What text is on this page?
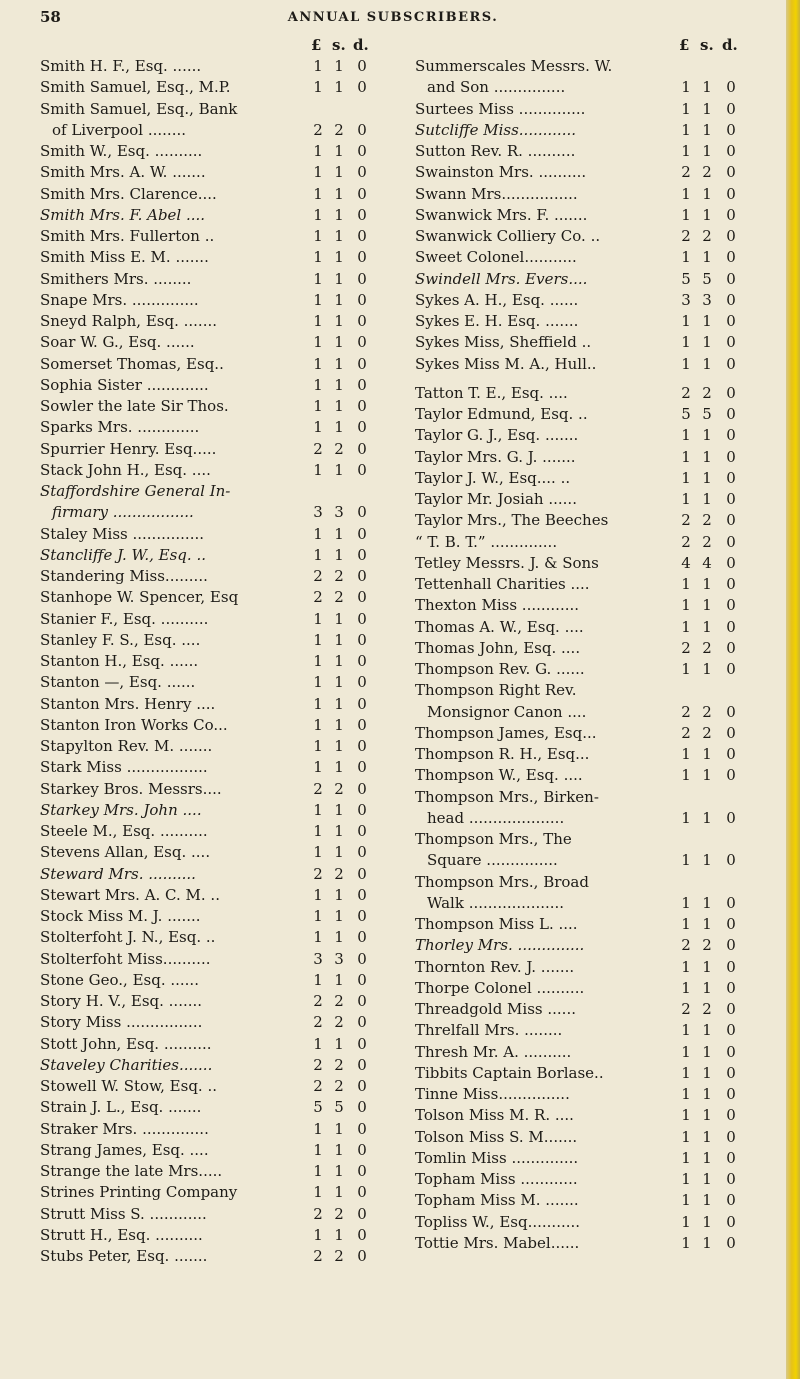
58	ANNUAL SUBSCRIBERS.
£ s. d.
Smith H. F., Esq. ......	1 1 0
Smith Samuel, Esq., M.P.	1 1 0
Smith Samuel, Esq., Bank
of Liverpool ........	2 2 0
Smith W., Esq. ..........	1 1 0
Smith Mrs. A. W. .......	1 1 0
Smith Mrs. Clarence....	1 1 0
Smith Mrs. F. Abel ....	1 1 0
Smith Mrs. Fullerton ..	1 1 0
Smith Miss E. M. .......	1 1 0
Smithers Mrs. ........	1 1 0
Snape Mrs. ..............	1 1 0
Sneyd Ralph, Esq. .......	1 1 0
Soar W. G., Esq. ......	1 1 0
Somerset Thomas, Esq..	1 1 0
Sophia Sister .............	1 1 0
Sowler the late Sir Thos.	1 1 0
Sparks Mrs. .............	1 1 0
Spurrier Henry. Esq.....	2 2 0
Stack John H., Esq. ....	1 1 0
Staffordshire General In-
firmary .................	3 3 0
Staley Miss ...............	1 1 0
Stancliffe J. W., Esq. ..	1 1 0
Standering Miss.........	2 2 0
Stanhope W. Spencer, Esq	2 2 0
Stanier F., Esq. ..........	1 1 0
Stanley F. S., Esq. ....	1 1 0
Stanton H., Esq. ......	1 1 0
Stanton —, Esq. ......	1 1 0
Stanton Mrs. Henry ....	1 1 0
Stanton Iron Works Co...	1 1 0
Stapylton Rev. M. .......	1 1 0
Stark Miss .................	1 1 0
Starkey Bros. Messrs....	2 2 0
Starkey Mrs. John ....	1 1 0
Steele M., Esq. ..........	1 1 0
Stevens Allan, Esq. ....	1 1 0
Steward Mrs. ..........	2 2 0
Stewart Mrs. A. C. M. ..	1 1 0
Stock Miss M. J. .......	1 1 0
Stolterfoht J. N., Esq. ..	1 1 0
Stolterfoht Miss..........	3 3 0
Stone Geo., Esq. ......	1 1 0
Story H. V., Esq. .......	2 2 0
Story Miss ................	2 2 0
Stott John, Esq. ..........	1 1 0
Staveley Charities.......	2 2 0
Stowell W. Stow, Esq. ..	2 2 0
Strain J. L., Esq. .......	5 5 0
Straker Mrs. ..............	1 1 0
Strang James, Esq. ....	1 1 0
Strange the late Mrs.....	1 1 0
Strines Printing Company	1 1 0
Strutt Miss S. ............	2 2 0
Strutt H., Esq. ..........	1 1 0
Stubs Peter, Esq. .......	2 2 0
£ s. d.
Summerscales Messrs. W.
and Son ...............	1 1 0
Surtees Miss ..............	1 1 0
Sutcliffe Miss............	1 1 0
Sutton Rev. R. ..........	1 1 0
Swainston Mrs. ..........	2 2 0
Swann Mrs................	1 1 0
Swanwick Mrs. F. .......	1 1 0
Swanwick Colliery Co. ..	2 2 0
Sweet Colonel...........	1 1 0
Swindell Mrs. Evers....	5 5 0
Sykes A. H., Esq. ......	3 3 0
Sykes E. H. Esq. .......	1 1 0
Sykes Miss, Sheffield ..	1 1 0
Sykes Miss M. A., Hull..	1 1 0
Tatton T. E., Esq. ....	2 2 0
Taylor Edmund, Esq. ..	5 5 0
Taylor G. J., Esq. .......	1 1 0
Taylor Mrs. G. J. .......	1 1 0
Taylor J. W., Esq.... ..	1 1 0
Taylor Mr. Josiah ......	1 1 0
Taylor Mrs., The Beeches	2 2 0
“ T. B. T.” ..............	2 2 0
Tetley Messrs. J. & Sons	4 4 0
Tettenhall Charities ....	1 1 0
Thexton Miss ............	1 1 0
Thomas A. W., Esq. ....	1 1 0
Thomas John, Esq. ....	2 2 0
Thompson Rev. G. ......	1 1 0
Thompson Right Rev.
Monsignor Canon ....	2 2 0
Thompson James, Esq...	2 2 0
Thompson R. H., Esq...	1 1 0
Thompson W., Esq. ....	1 1 0
Thompson Mrs., Birken-
head ....................	1 1 0
Thompson Mrs., The
Square ...............	1 1 0
Thompson Mrs., Broad
Walk ....................	1 1 0
Thompson Miss L. ....	1 1 0
Thorley Mrs. ..............	2 2 0
Thornton Rev. J. .......	1 1 0
Thorpe Colonel ..........	1 1 0
Threadgold Miss ......	2 2 0
Threlfall Mrs. ........	1 1 0
Thresh Mr. A. ..........	1 1 0
Tibbits Captain Borlase..	1 1 0
Tinne Miss...............	1 1 0
Tolson Miss M. R. ....	1 1 0
Tolson Miss S. M.......	1 1 0
Tomlin Miss ..............	1 1 0
Topham Miss ............	1 1 0
Topham Miss M. .......	1 1 0
Topliss W., Esq...........	1 1 0
Tottie Mrs. Mabel......	1 1 0
